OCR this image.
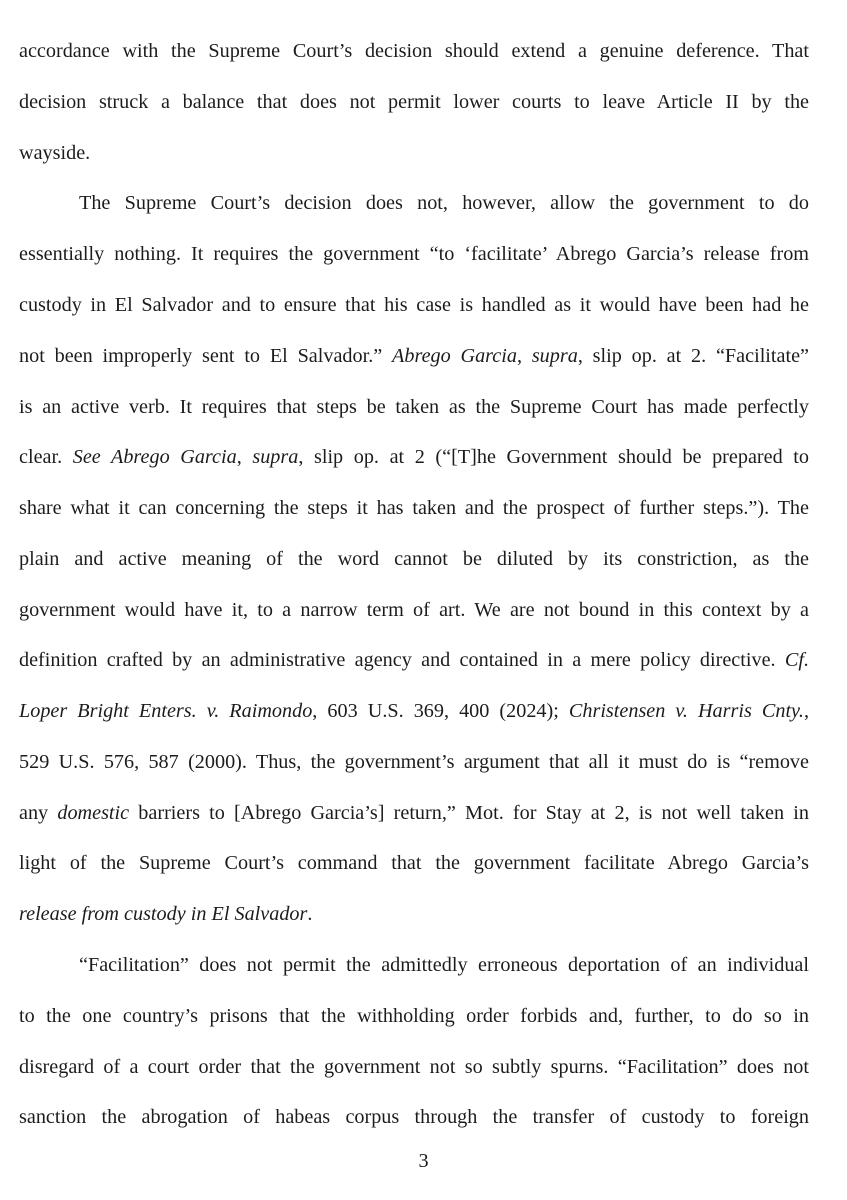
accordance with the Supreme Court’s decision should extend a genuine deference. That
decision struck a balance that does not permit lower courts to leave Article II by the
wayside.
The Supreme Court’s decision does not, however, allow the government to do
essentially nothing. It requires the government “to ‘facilitate’ Abrego Garcia’s release from
custody in El Salvador and to ensure that his case is handled as it would have been had he
not been improperly sent to El Salvador.” Abrego Garcia, supra, slip op. at 2. “Facilitate”
is an active verb. It requires that steps be taken as the Supreme Court has made perfectly
clear. See Abrego Garcia, supra, slip op. at 2 (“[T]he Government should be prepared to
share what it can concerning the steps it has taken and the prospect of further steps.”). The
plain and active meaning of the word cannot be diluted by its constriction, as the
government would have it, to a narrow term of art. We are not bound in this context by a
definition crafted by an administrative agency and contained in a mere policy directive. Cf.
Loper Bright Enters. v. Raimondo, 603 U.S. 369, 400 (2024); Christensen v. Harris Cnty.,
529 U.S. 576, 587 (2000). Thus, the government’s argument that all it must do is “remove
any domestic barriers to [Abrego Garcia’s] return,” Mot. for Stay at 2, is not well taken in
light of the Supreme Court’s command that the government facilitate Abrego Garcia’s
release from custody in El Salvador.
“Facilitation” does not permit the admittedly erroneous deportation of an individual
to the one country’s prisons that the withholding order forbids and, further, to do so in
disregard of a court order that the government not so subtly spurns. “Facilitation” does not
sanction the abrogation of habeas corpus through the transfer of custody to foreign
3
